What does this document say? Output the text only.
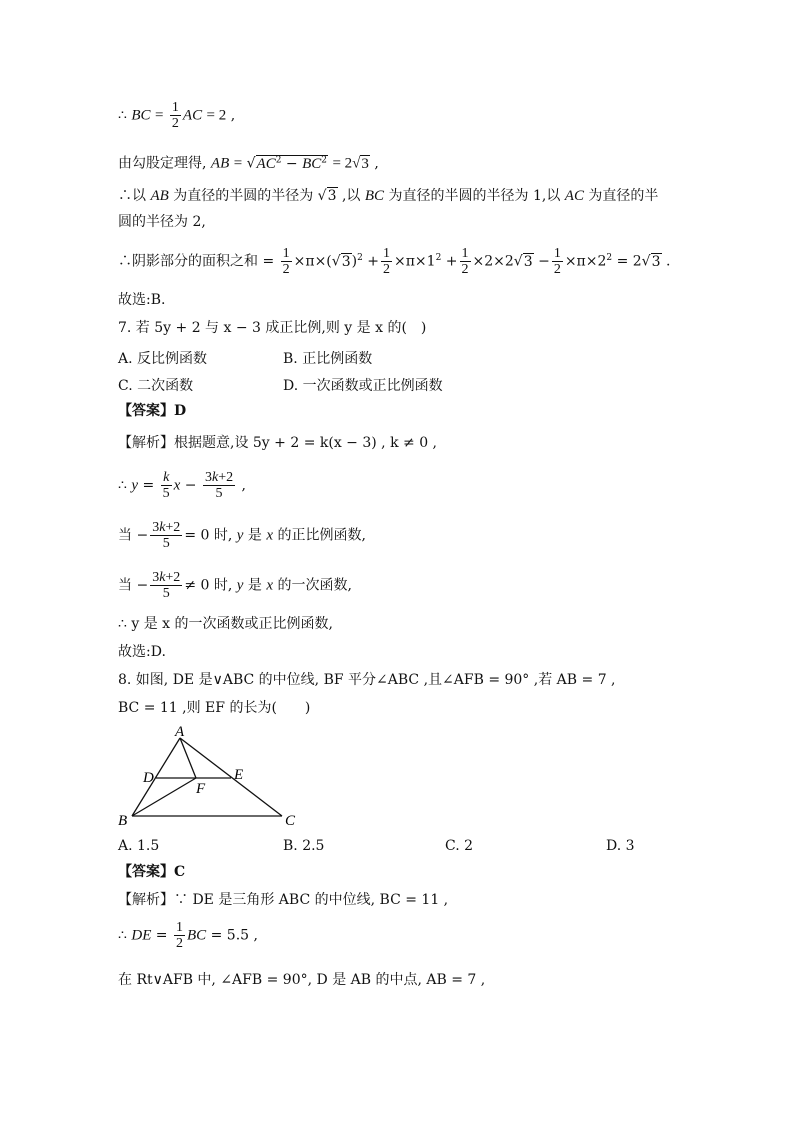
∴ BC = $\frac{1}{2}$ AC = 2 ,
由勾股定理得, AB = $√AC^2 - BC^2 = 2√3$ ,
∴以 AB 为直径的半圆的半径为 √3 ,以 BC 为直径的半圆的半径为 1,以 AC 为直径的半
圆的半径为 2,
∴阴影部分的面积之和 = $\frac{1}{2} \times\pi\times(√3)^2 + \frac{1}{2} \times\pi\times 1^2 + \frac{1}{2} \times 2\times 2√3 - \frac{1}{2} \times\pi\times 2^2 = 2√3$ .
故选:B.
7. 若 5y + 2 与 x − 3 成正比例,则 y 是 x 的(　)
A. 反比例函数	B. 正比例函数
C. 二次函数	D. 一次函数或正比例函数
【答案】D
【解析】根据题意,设 5y + 2 = k(x − 3) , k ≠ 0 ,
∴ $y = \frac{k}{5}$ $x - \frac{3k+2}{5}$ ,
当 − $\frac{3k+2}{5} = 0$ 时, y 是 x 的正比例函数,
当 − $\frac{3k+2}{5} \ne 0$ 时, y 是 x 的一次函数,
∴ y 是 x 的一次函数或正比例函数,
故选:D.
8. 如图, DE 是∨ABC 的中位线, BF 平分∠ABC ,且∠AFB = 90° ,若 AB = 7 ,
BC = 11 ,则 EF 的长为(　　)
A
D	E
F
B	C
A. 1.5	B. 2.5	C. 2	D. 3
【答案】C
【解析】∵ DE 是三角形 ABC 的中位线, BC = 11 ,
∴ DE = $\frac{1}{2}$ BC = 5.5 ,
在 Rt∨AFB 中, ∠AFB = 90°, D 是 AB 的中点, AB = 7 ,
